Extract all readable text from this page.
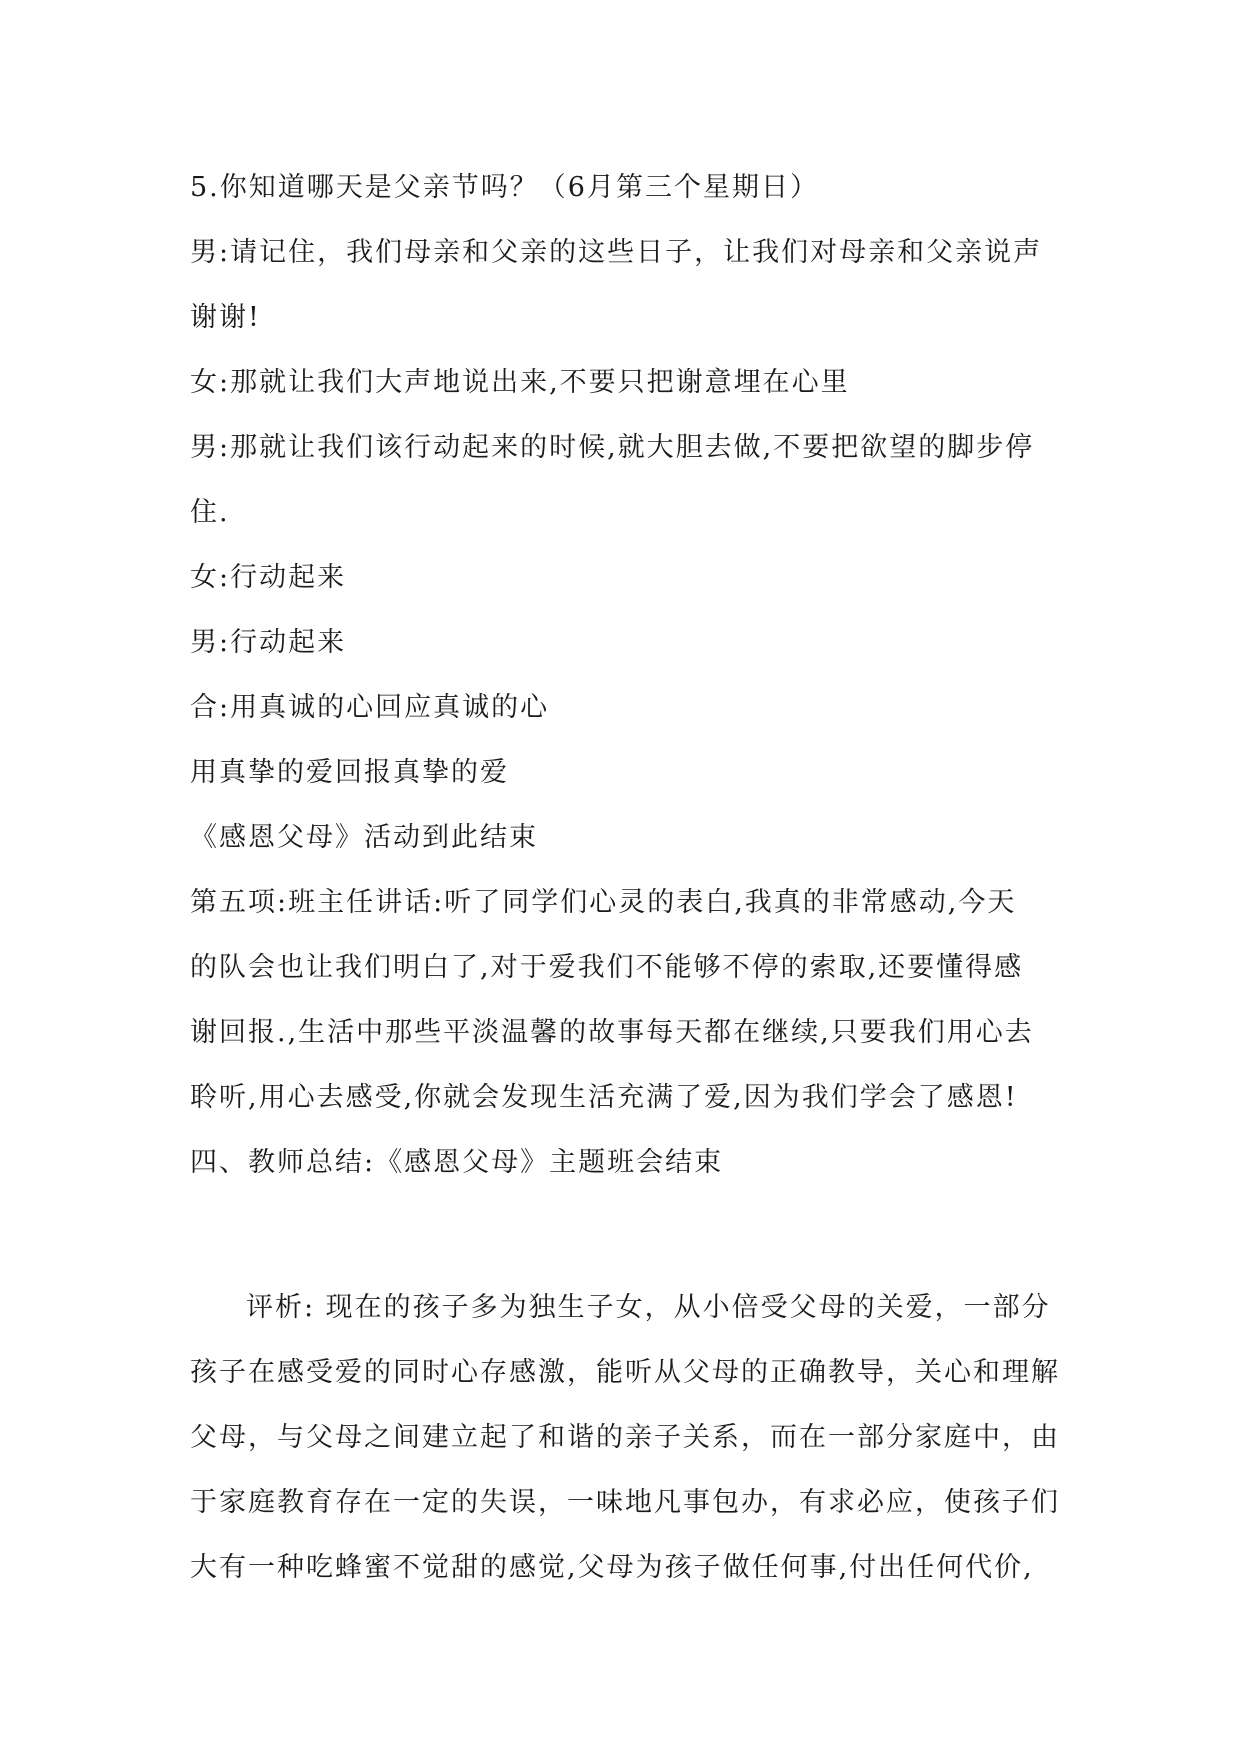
5.你知道哪天是父亲节吗？（6月第三个星期日）
男:请记住，我们母亲和父亲的这些日子，让我们对母亲和父亲说声
谢谢!
女:那就让我们大声地说出来,不要只把谢意埋在心里
男:那就让我们该行动起来的时候,就大胆去做,不要把欲望的脚步停
住.
女:行动起来
男:行动起来
合:用真诚的心回应真诚的心
用真挚的爱回报真挚的爱
《感恩父母》活动到此结束
第五项:班主任讲话:听了同学们心灵的表白,我真的非常感动,今天
的队会也让我们明白了,对于爱我们不能够不停的索取,还要懂得感
谢回报.,生活中那些平淡温馨的故事每天都在继续,只要我们用心去
聆听,用心去感受,你就会发现生活充满了爱,因为我们学会了感恩!
四、教师总结:《感恩父母》主题班会结束
评析: 现在的孩子多为独生子女，从小倍受父母的关爱，一部分
孩子在感受爱的同时心存感激，能听从父母的正确教导，关心和理解
父母，与父母之间建立起了和谐的亲子关系，而在一部分家庭中，由
于家庭教育存在一定的失误，一味地凡事包办，有求必应，使孩子们
大有一种吃蜂蜜不觉甜的感觉,父母为孩子做任何事,付出任何代价,
